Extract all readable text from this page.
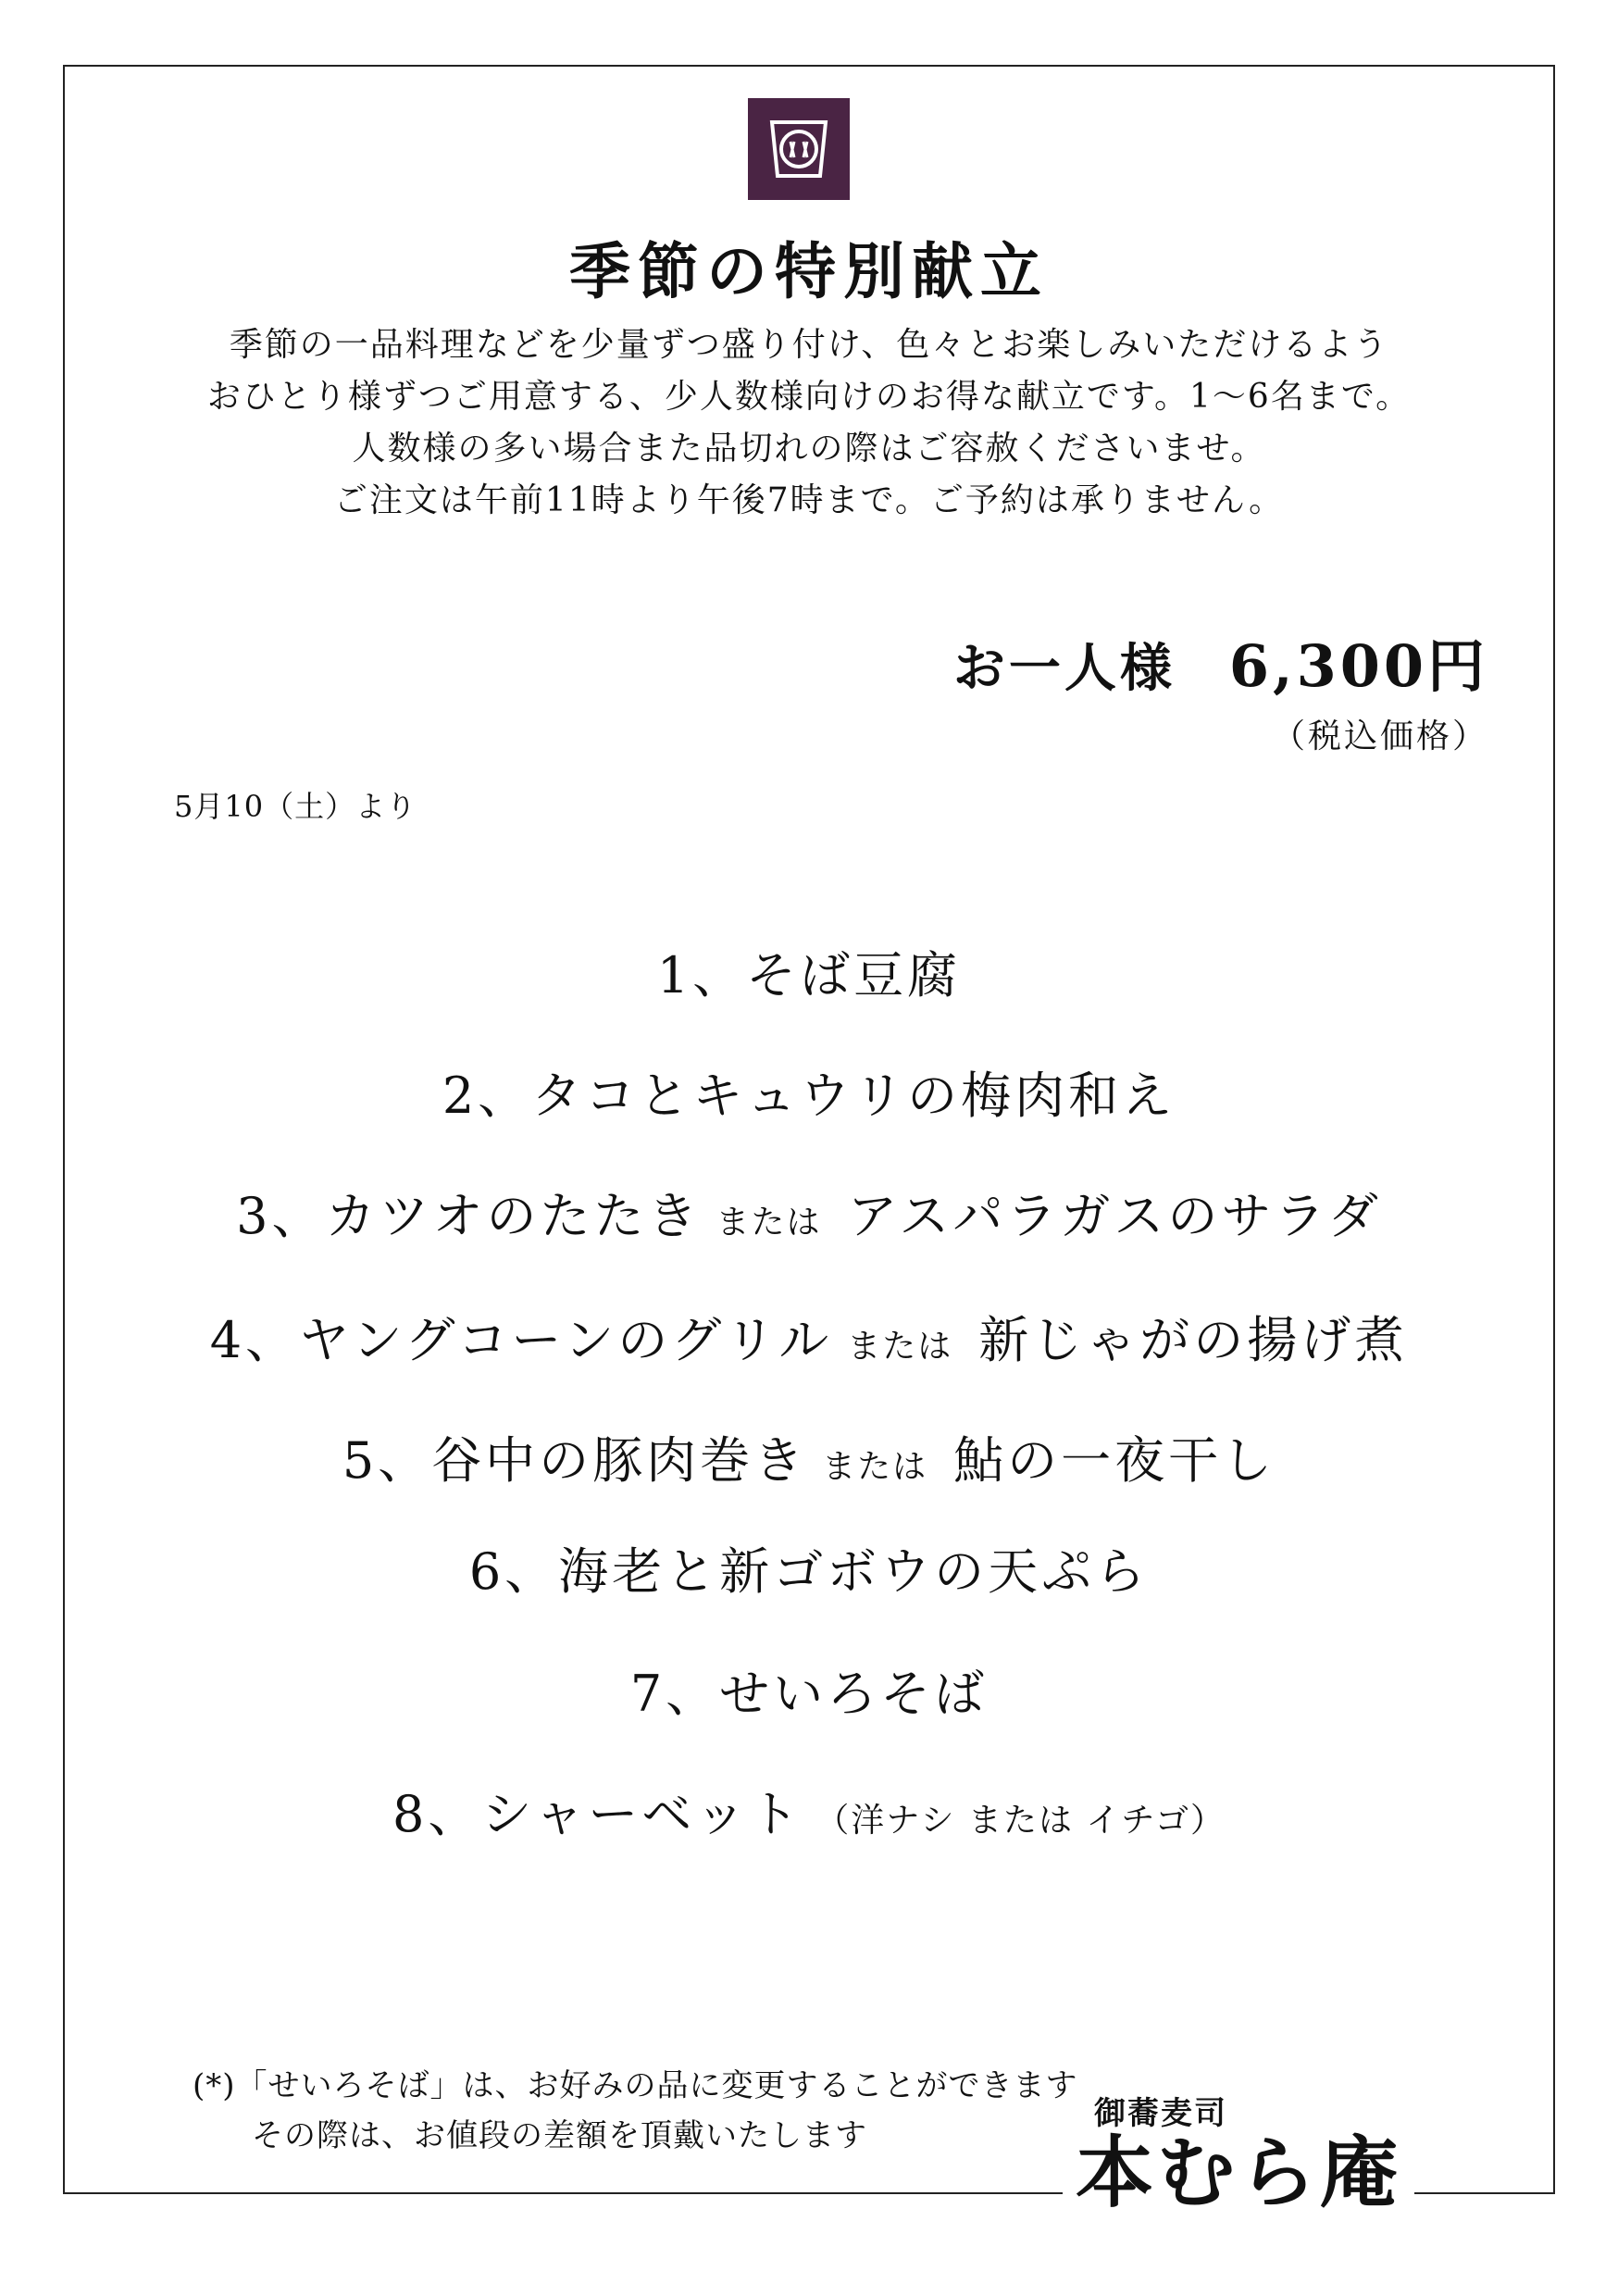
季節の特別献立
季節の一品料理などを少量ずつ盛り付け、色々とお楽しみいただけるよう
おひとり様ずつご用意する、少人数様向けのお得な献立です。1〜6名まで。
人数様の多い場合また品切れの際はご容赦くださいませ。
ご注文は午前11時より午後7時まで。ご予約は承りません。
お一人様 6,300円
（税込価格）
5月10（土）より
1、そば豆腐
2、タコとキュウリの梅肉和え
3、カツオのたたき または アスパラガスのサラダ
4、ヤングコーンのグリル または 新じゃがの揚げ煮
5、谷中の豚肉巻き または 鮎の一夜干し
6、海老と新ゴボウの天ぷら
7、せいろそば
8、シャーベット （洋ナシ または イチゴ）
(*)「せいろそば」は、お好みの品に変更することができます
その際は、お値段の差額を頂戴いたします
御蕎麦司
本むら庵
